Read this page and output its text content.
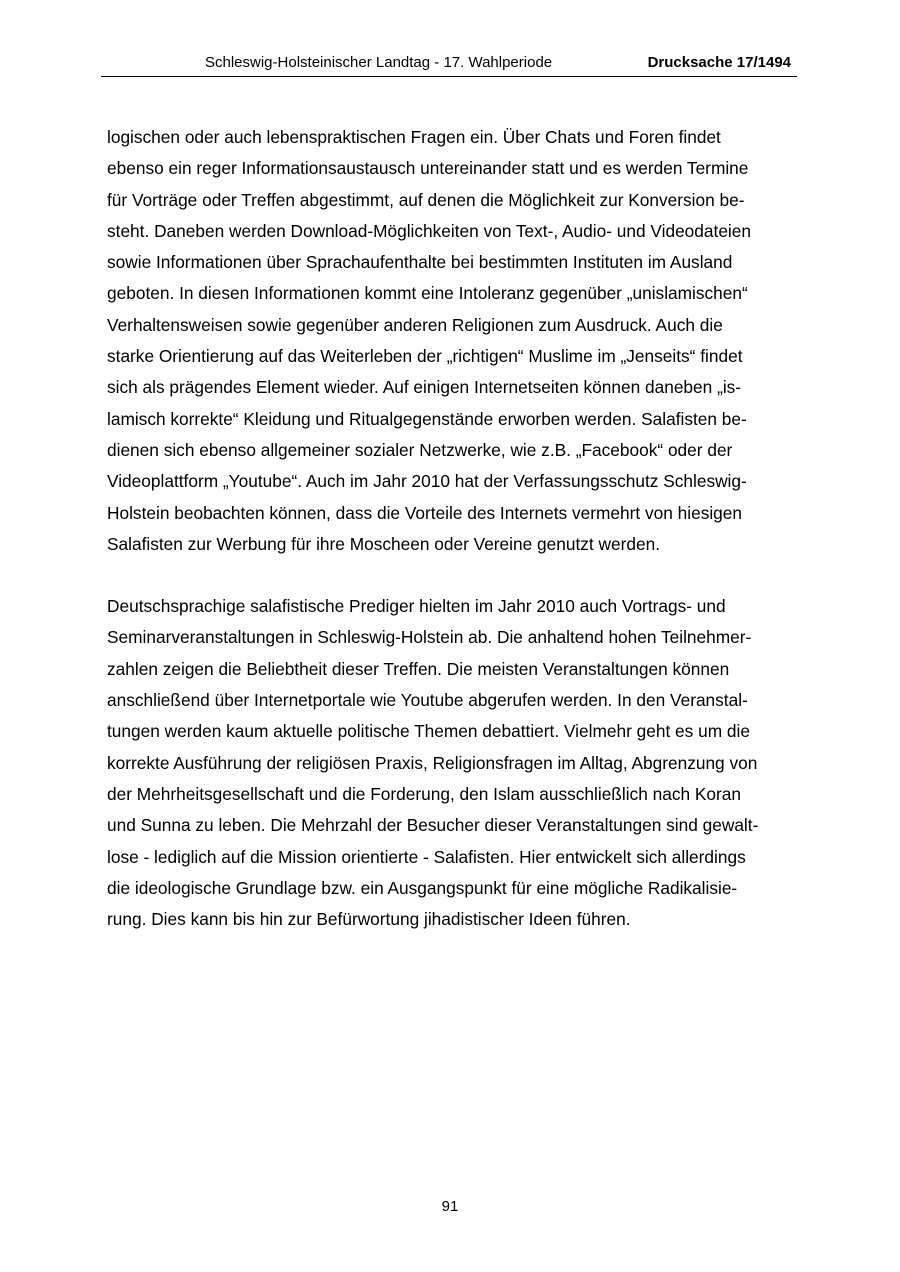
Schleswig-Holsteinischer Landtag - 17. Wahlperiode	Drucksache 17/1494
logischen oder auch lebenspraktischen Fragen ein. Über Chats und Foren findet
ebenso ein reger Informationsaustausch untereinander statt und es werden Termine
für Vorträge oder Treffen abgestimmt, auf denen die Möglichkeit zur Konversion be-
steht. Daneben werden Download-Möglichkeiten von Text-, Audio- und Videodateien
sowie Informationen über Sprachaufenthalte bei bestimmten Instituten im Ausland
geboten. In diesen Informationen kommt eine Intoleranz gegenüber „unislamischen“
Verhaltensweisen sowie gegenüber anderen Religionen zum Ausdruck. Auch die
starke Orientierung auf das Weiterleben der „richtigen“ Muslime im „Jenseits“ findet
sich als prägendes Element wieder. Auf einigen Internetseiten können daneben „is-
lamisch korrekte“ Kleidung und Ritualgegenstände erworben werden. Salafisten be-
dienen sich ebenso allgemeiner sozialer Netzwerke, wie z.B. „Facebook“ oder der
Videoplattform „Youtube“. Auch im Jahr 2010 hat der Verfassungsschutz Schleswig-
Holstein beobachten können, dass die Vorteile des Internets vermehrt von hiesigen
Salafisten zur Werbung für ihre Moscheen oder Vereine genutzt werden.
Deutschsprachige salafistische Prediger hielten im Jahr 2010 auch Vortrags- und
Seminarveranstaltungen in Schleswig-Holstein ab. Die anhaltend hohen Teilnehmer-
zahlen zeigen die Beliebtheit dieser Treffen. Die meisten Veranstaltungen können
anschließend über Internetportale wie Youtube abgerufen werden. In den Veranstal-
tungen werden kaum aktuelle politische Themen debattiert. Vielmehr geht es um die
korrekte Ausführung der religiösen Praxis, Religionsfragen im Alltag, Abgrenzung von
der Mehrheitsgesellschaft und die Forderung, den Islam ausschließlich nach Koran
und Sunna zu leben. Die Mehrzahl der Besucher dieser Veranstaltungen sind gewalt-
lose - lediglich auf die Mission orientierte - Salafisten. Hier entwickelt sich allerdings
die ideologische Grundlage bzw. ein Ausgangspunkt für eine mögliche Radikalisie-
rung. Dies kann bis hin zur Befürwortung jihadistischer Ideen führen.
91
